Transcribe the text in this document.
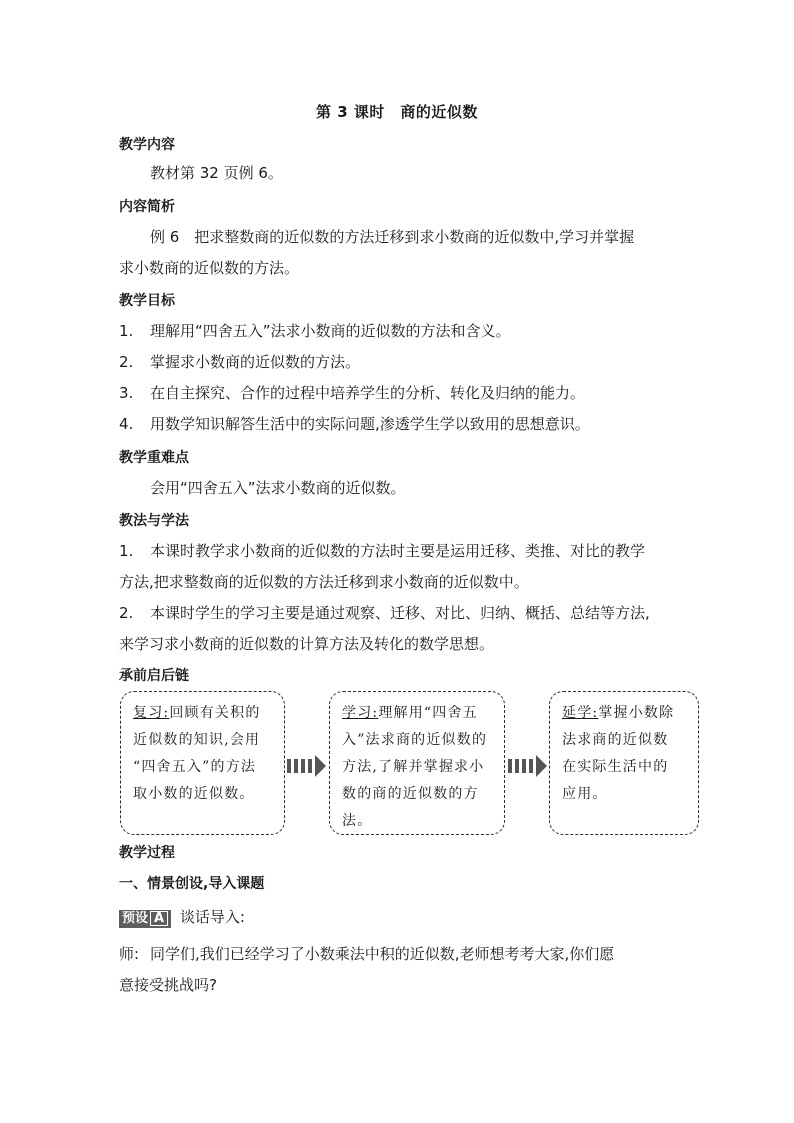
第 3 课时　商的近似数
教学内容
教材第 32 页例 6。
内容简析
例 6　把求整数商的近似数的方法迁移到求小数商的近似数中,学习并掌握
求小数商的近似数的方法。
教学目标
1. 理解用“四舍五入”法求小数商的近似数的方法和含义。
2. 掌握求小数商的近似数的方法。
3. 在自主探究、合作的过程中培养学生的分析、转化及归纳的能力。
4. 用数学知识解答生活中的实际问题,渗透学生学以致用的思想意识。
教学重难点
会用“四舍五入”法求小数商的近似数。
教法与学法
1. 本课时教学求小数商的近似数的方法时主要是运用迁移、类推、对比的教学
方法,把求整数商的近似数的方法迁移到求小数商的近似数中。
2. 本课时学生的学习主要是通过观察、迁移、对比、归纳、概括、总结等方法,
来学习求小数商的近似数的计算方法及转化的数学思想。
承前启后链
复习:回顾有关积的
近似数的知识,会用
“四舍五入”的方法
取小数的近似数。
学习:理解用“四舍五
入”法求商的近似数的
方法,了解并掌握求小
数的商的近似数的方
法。
延学:掌握小数除
法求商的近似数
在实际生活中的
应用。
教学过程
一、情景创设,导入课题
预设 A 谈话导入:
师: 同学们,我们已经学习了小数乘法中积的近似数,老师想考考大家,你们愿
意接受挑战吗?
